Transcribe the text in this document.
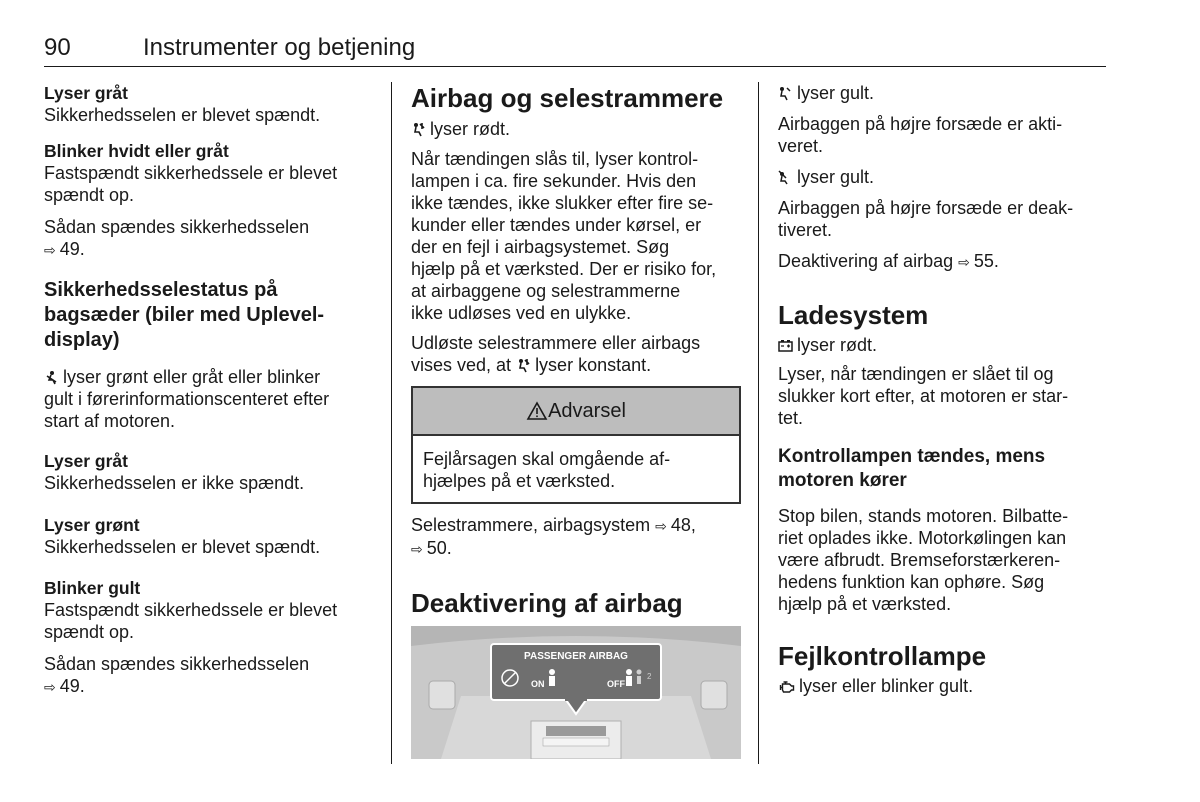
90	Instrumenter og betjening

Lyser gråt

Sikkerhedsselen er blevet spændt.

Blinker hvidt eller gråt

Fastspændt sikkerhedssele er blevet
spændt op.

Sådan spændes sikkerhedsselen

⇨ 49.

Sikkerhedsselestatus på
bagsæder (biler med Uplevel-
display)

lyser grønt eller gråt eller blinker
gult i førerinformationscenteret efter
start af motoren.

Lyser gråt

Sikkerhedsselen er ikke spændt.

Lyser grønt

Sikkerhedsselen er blevet spændt.

Blinker gult

Fastspændt sikkerhedssele er blevet
spændt op.

Sådan spændes sikkerhedsselen

⇨ 49.

Airbag og selestrammere

lyser rødt.

Når tændingen slås til, lyser kontrol-
lampen i ca. fire sekunder. Hvis den
ikke tændes, ikke slukker efter fire se-
kunder eller tændes under kørsel, er
der en fejl i airbagsystemet. Søg
hjælp på et værksted. Der er risiko for,
at airbaggene og selestrammerne
ikke udløses ved en ulykke.

Udløste selestrammere eller airbags
vises ved, at lyser konstant.

Advarsel

Fejlårsagen skal omgående af-
hjælpes på et værksted.

Selestrammere, airbagsystem ⇨ 48,
⇨ 50.

Deaktivering af airbag
PASSENGER AIRBAG
ON	OFF
2

lyser gult.

Airbaggen på højre forsæde er akti-
veret.

lyser gult.

Airbaggen på højre forsæde er deak-
tiveret.

Deaktivering af airbag ⇨ 55.

Ladesystem

lyser rødt.

Lyser, når tændingen er slået til og
slukker kort efter, at motoren er star-
tet.

Kontrollampen tændes, mens
motoren kører

Stop bilen, stands motoren. Bilbatte-
riet oplades ikke. Motorkølingen kan
være afbrudt. Bremseforstærkeren-
hedens funktion kan ophøre. Søg
hjælp på et værksted.

Fejlkontrollampe

lyser eller blinker gult.
